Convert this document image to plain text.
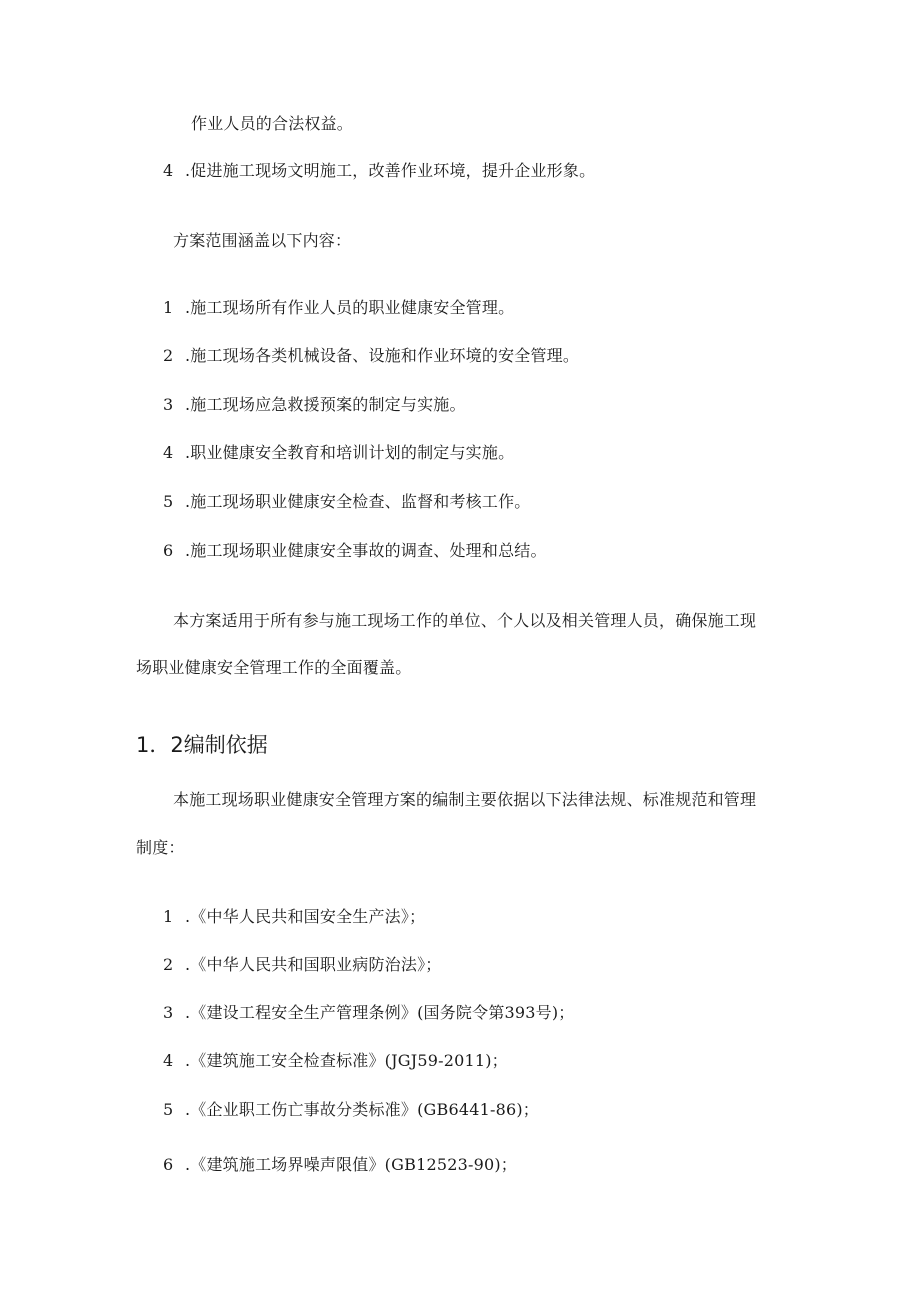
作业人员的合法权益。
4 .促进施工现场文明施工，改善作业环境，提升企业形象。
方案范围涵盖以下内容：
1 .施工现场所有作业人员的职业健康安全管理。
2 .施工现场各类机械设备、设施和作业环境的安全管理。
3 .施工现场应急救援预案的制定与实施。
4 .职业健康安全教育和培训计划的制定与实施。
5 .施工现场职业健康安全检查、监督和考核工作。
6 .施工现场职业健康安全事故的调查、处理和总结。
本方案适用于所有参与施工现场工作的单位、个人以及相关管理人员，确保施工现
场职业健康安全管理工作的全面覆盖。
1．2编制依据
本施工现场职业健康安全管理方案的编制主要依据以下法律法规、标准规范和管理
制度：
1 .《中华人民共和国安全生产法》；
2 .《中华人民共和国职业病防治法》；
3 .《建设工程安全生产管理条例》(国务院令第393号)；
4 .《建筑施工安全检查标准》(JGJ59-2011)；
5 .《企业职工伤亡事故分类标准》(GB6441-86)；
6 .《建筑施工场界噪声限值》(GB12523-90)；
